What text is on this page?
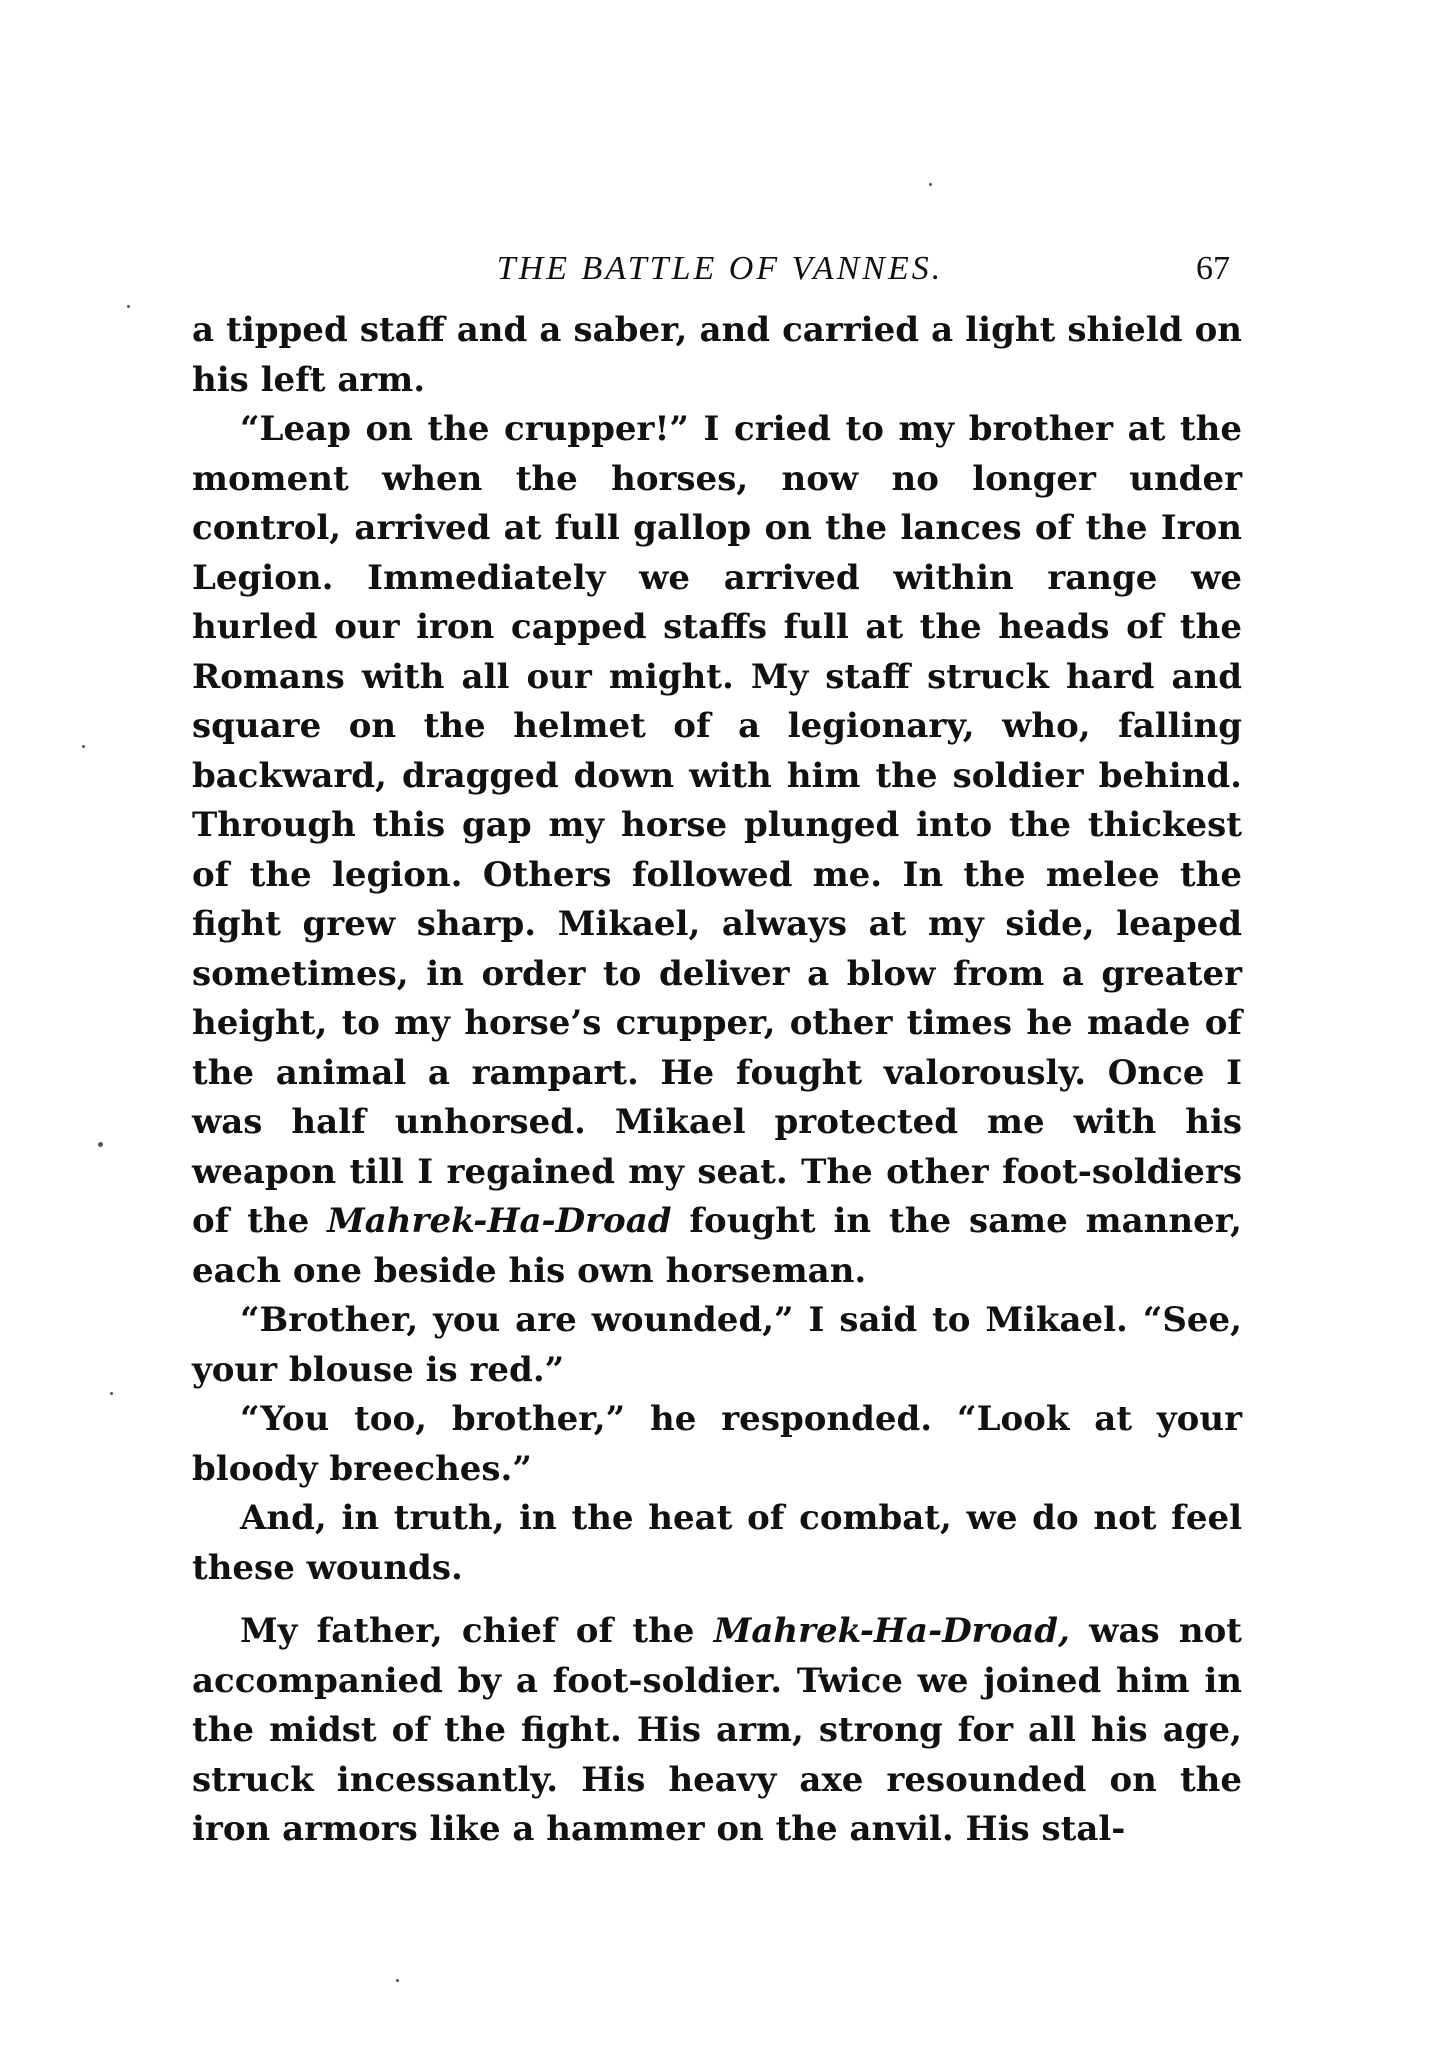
THE BATTLE OF VANNES.	67

a tipped staff and a saber, and carried a light shield on his left arm.

“Leap on the crupper!” I cried to my brother at the moment when the horses, now no longer under control, arrived at full gallop on the lances of the Iron Legion. Immediately we arrived within range we hurled our iron capped staffs full at the heads of the Romans with all our might. My staff struck hard and square on the helmet of a legionary, who, falling backward, dragged down with him the soldier behind. Through this gap my horse plunged into the thickest of the legion. Others followed me. In the melee the fight grew sharp. Mikael, always at my side, leaped sometimes, in order to deliver a blow from a greater height, to my horse’s crupper, other times he made of the animal a rampart. He fought valorously. Once I was half unhorsed. Mikael protected me with his weapon till I regained my seat. The other foot-soldiers of the Mahrek-Ha-Droad fought in the same manner, each one beside his own horseman.

“Brother, you are wounded,” I said to Mikael. “See, your blouse is red.”

“You too, brother,” he responded. “Look at your bloody breeches.”

And, in truth, in the heat of combat, we do not feel these wounds.

My father, chief of the Mahrek-Ha-Droad, was not accompanied by a foot-soldier. Twice we joined him in the midst of the fight. His arm, strong for all his age, struck incessantly. His heavy axe resounded on the iron armors like a hammer on the anvil. His stal-
